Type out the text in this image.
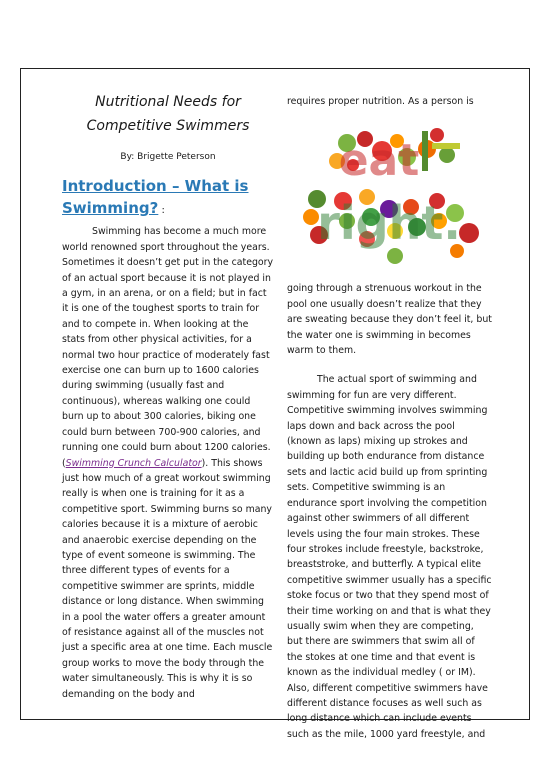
Nutritional Needs for Competitive Swimmers
By: Brigette Peterson
Introduction – What is Swimming? :

Swimming has become a much more world renowned sport throughout the years. Sometimes it doesn’t get put in the category of an actual sport because it is not played in a gym, in an arena, or on a field; but in fact it is one of the toughest sports to train for and to compete in. When looking at the stats from other physical activities, for a normal two hour practice of moderately fast exercise one can burn up to 1600 calories during swimming (usually fast and continuous), whereas walking one could burn up to about 300 calories, biking one could burn between 700-900 calories, and running one could burn about 1200 calories. (Swimming Crunch Calculator). This shows just how much of a great workout swimming really is when one is training for it as a competitive sport. Swimming burns so many calories because it is a mixture of aerobic and anaerobic exercise depending on the type of event someone is swimming. The three different types of events for a competitive swimmer are sprints, middle distance or long distance. When swimming in a pool the water offers a greater amount of resistance against all of the muscles not just a specific area at one time. Each muscle group works to move the body through the water simultaneously. This is why it is so demanding on the body and

requires proper nutrition. As a person is

eat
right.

going through a strenuous workout in the pool one usually doesn’t realize that they are sweating because they don’t feel it, but the water one is swimming in becomes warm to them.

The actual sport of swimming and swimming for fun are very different. Competitive swimming involves swimming laps down and back across the pool (known as laps) mixing up strokes and building up both endurance from distance sets and lactic acid build up from sprinting sets. Competitive swimming is an endurance sport involving the competition against other swimmers of all different levels using the four main strokes. These four strokes include freestyle, backstroke, breaststroke, and butterfly. A typical elite competitive swimmer usually has a specific stoke focus or two that they spend most of their time working on and that is what they usually swim when they are competing, but there are swimmers that swim all of the stokes at one time and that event is known as the individual medley ( or IM). Also, different competitive swimmers have different distance focuses as well such as long distance which can include events such as the mile, 1000 yard freestyle, and
